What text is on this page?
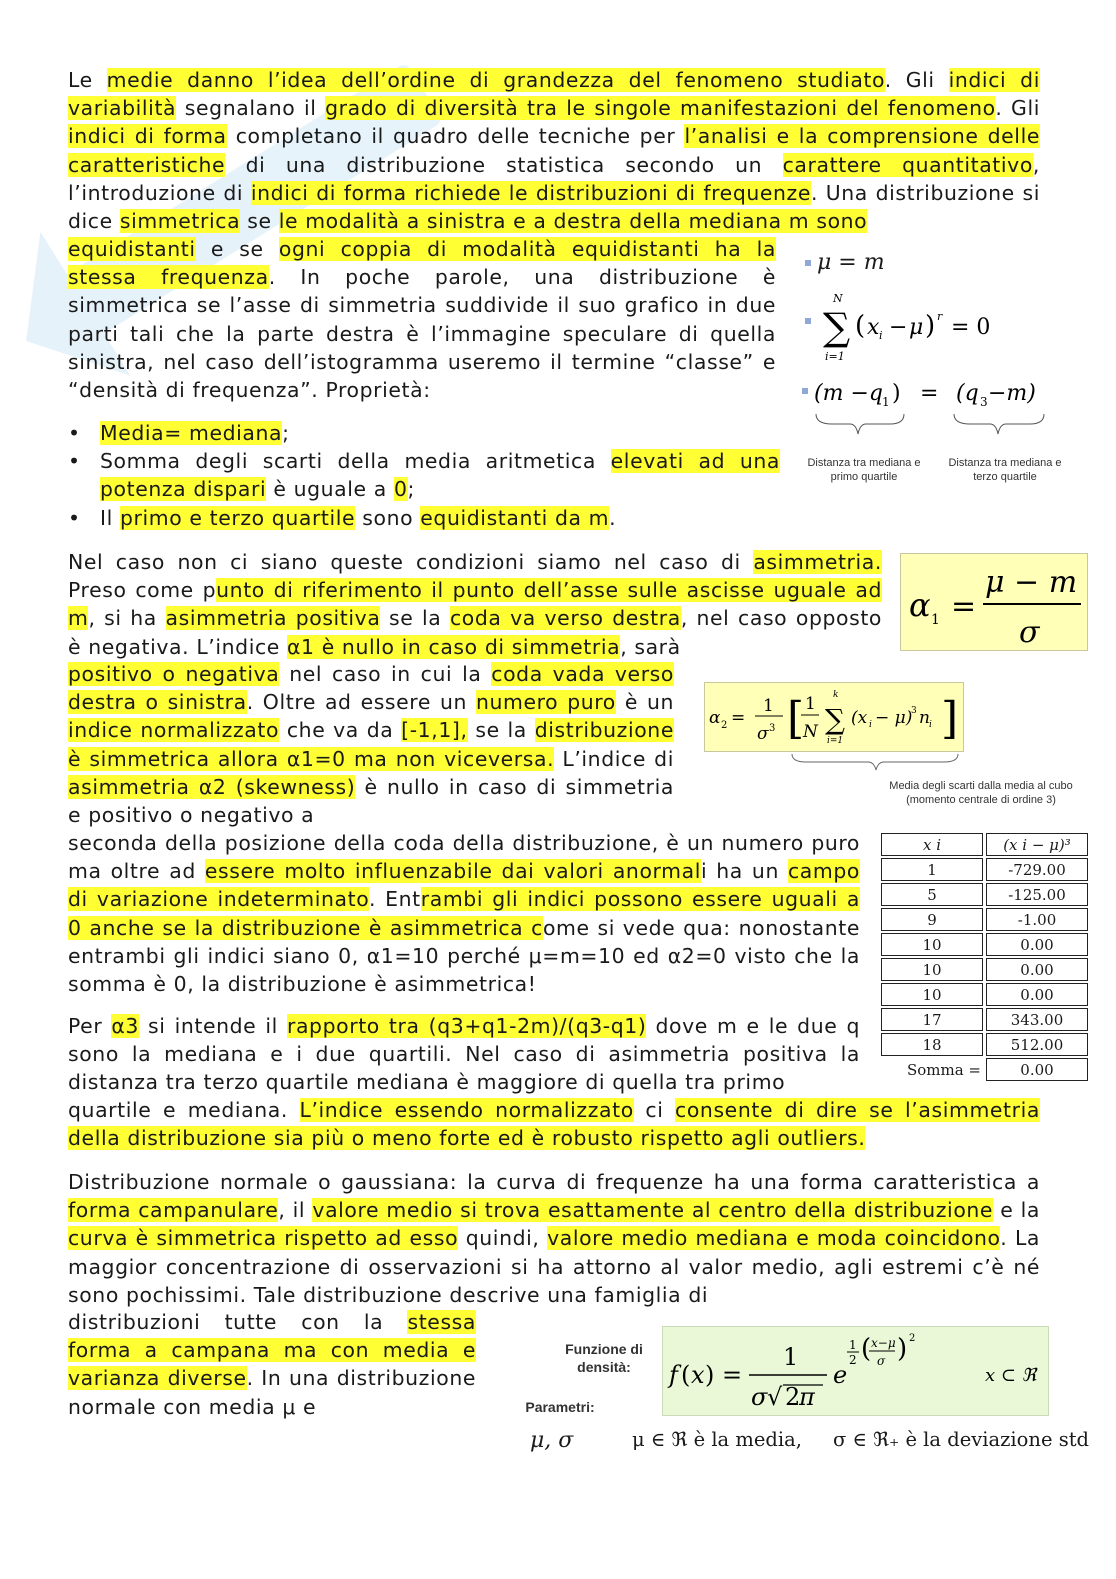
Le medie danno l’idea dell’ordine di grandezza del fenomeno studiato. Gli indici di variabilità segnalano il grado di diversità tra le singole manifestazioni del fenomeno. Gli indici di forma completano il quadro delle tecniche per l’analisi e la comprensione delle caratteristiche di una distribuzione statistica secondo un carattere quantitativo, l’introduzione di indici di forma richiede le distribuzioni di frequenze. Una distribuzione si dice simmetrica se le modalità a sinistra e a destra della mediana m sono

equidistanti e se ogni coppia di modalità equidistanti ha la stessa frequenza. In poche parole, una distribuzione è simmetrica se l’asse di simmetria suddivide il suo grafico in due parti tali che la parte destra è l’immagine speculare di quella sinistra, nel caso dell’istogramma useremo il termine “classe” e “densità di frequenza”. Proprietà:

μ = m
N
∑
i=1
( x i − μ ) r = 0
(m −q 1 ) = (q 3 −m)
Distanza tra mediana e primo quartile
Distanza tra mediana e terzo quartile
• Media= mediana;
• Somma degli scarti della media aritmetica elevati ad una potenza dispari è uguale a 0;
• Il primo e terzo quartile sono equidistanti da m.

Nel caso non ci siano queste condizioni siamo nel caso di asimmetria. Preso come punto di riferimento il punto dell’asse sulle ascisse uguale ad m, si ha asimmetria positiva se la coda va verso destra, nel caso opposto è negativa. L’indice α1 è nullo in caso di simmetria, sarà

positivo o negativa nel caso in cui la coda vada verso destra o sinistra. Oltre ad essere un numero puro è un indice normalizzato che va da [-1,1], se la distribuzione è simmetrica allora α1=0 ma non viceversa. L’indice di asimmetria α2 (skewness) è nullo in caso di simmetria e positivo o negativo a

seconda della posizione della coda della distribuzione, è un numero puro ma oltre ad essere molto influenzabile dai valori anormali ha un campo di variazione indeterminato. Entrambi gli indici possono essere uguali a 0 anche se la distribuzione è asimmetrica come si vede qua: nonostante entrambi gli indici siano 0, α1=10 perché μ=m=10 ed α2=0 visto che la somma è 0, la distribuzione è asimmetrica!

α 1 =
μ − m
σ
α 2 =
1
σ 3 [ 1
N
k
∑
i=1
(x i − μ)
3 n i ]
Media degli scarti dalla media al cubo (momento centrale di ordine 3)
x i	(x i − μ)³
1	-729.00
5	-125.00
9	-1.00
10	0.00
10	0.00
10	0.00
17	343.00
18	512.00
Somma =	0.00

Per α3 si intende il rapporto tra (q3+q1-2m)/(q3-q1) dove m e le due q sono la mediana e i due quartili. Nel caso di asimmetria positiva la distanza tra terzo quartile mediana è maggiore di quella tra primo

quartile e mediana. L’indice essendo normalizzato ci consente di dire se l’asimmetria della distribuzione sia più o meno forte ed è robusto rispetto agli outliers.

Distribuzione normale o gaussiana: la curva di frequenze ha una forma caratteristica a forma campanulare, il valore medio si trova esattamente al centro della distribuzione e la curva è simmetrica rispetto ad esso quindi, valore medio mediana e moda coincidono. La maggior concentrazione di osservazioni si ha attorno al valor medio, agli estremi c’è né sono pochissimi. Tale distribuzione descrive una famiglia di

distribuzioni tutte con la stessa forma a campana ma con media e varianza diverse. In una distribuzione normale con media μ e

Funzione di densità:	f ( x ) =
1
σ √ 2
π
e
1
2 ( x−μ
σ ) 2
x ⊂ ℜ
Parametri:
μ, σ	μ ∈ ℜ è la media,     σ ∈ ℜ₊ è la deviazione std
